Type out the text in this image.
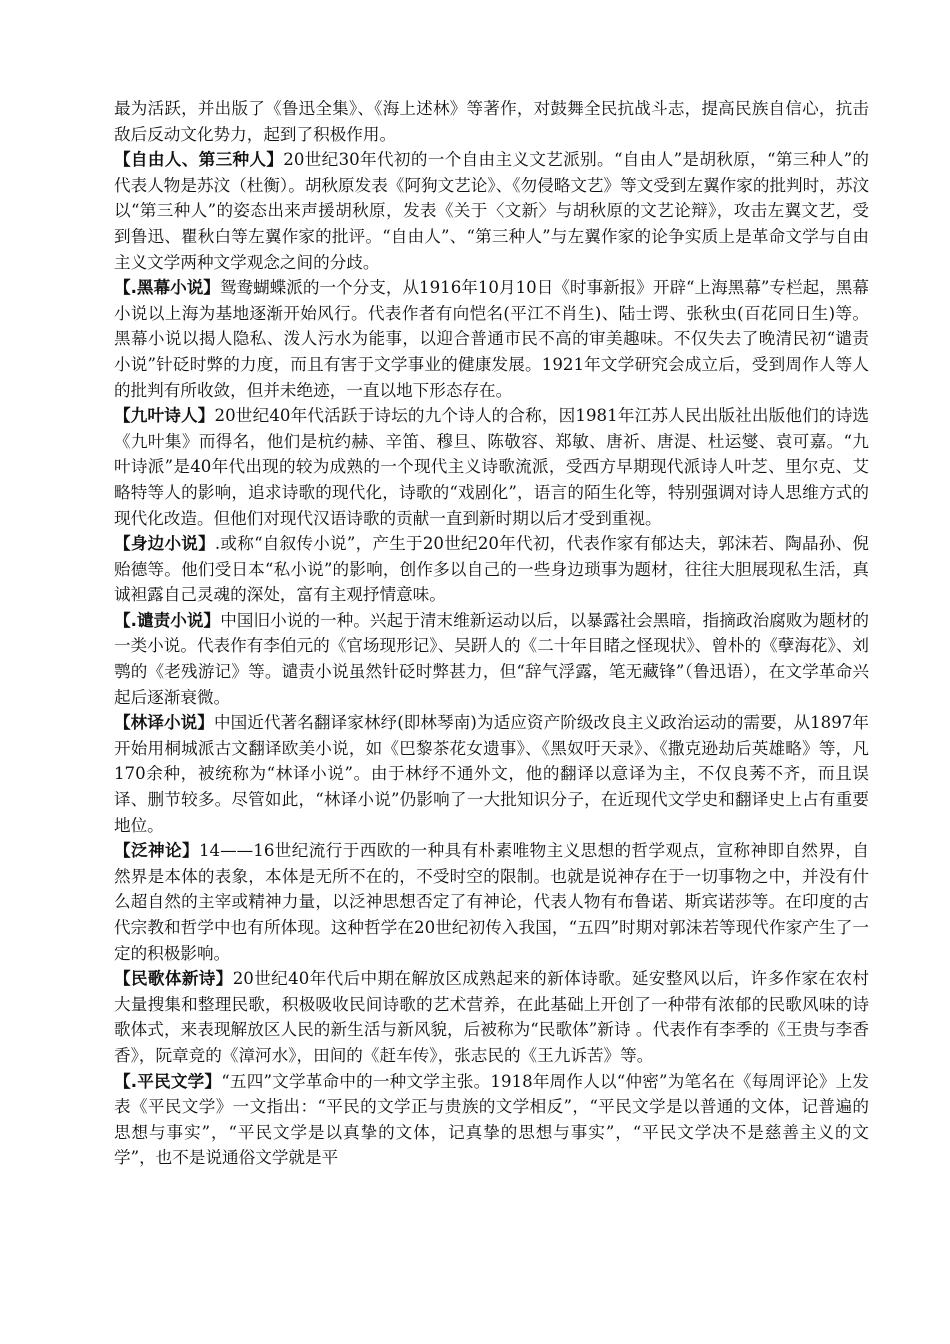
最为活跃，并出版了《鲁迅全集》、《海上述林》等著作，对鼓舞全民抗战斗志，提高民族自信心，抗击敌后反动文化势力，起到了积极作用。

【自由人、第三种人】20世纪30年代初的一个自由主义文艺派别。“自由人”是胡秋原，“第三种人”的代表人物是苏汶（杜衡）。胡秋原发表《阿狗文艺论》、《勿侵略文艺》等文受到左翼作家的批判时，苏汶以“第三种人”的姿态出来声援胡秋原，发表《关于〈文新〉与胡秋原的文艺论辩》，攻击左翼文艺，受到鲁迅、瞿秋白等左翼作家的批评。“自由人”、“第三种人”与左翼作家的论争实质上是革命文学与自由主义文学两种文学观念之间的分歧。

【.黑幕小说】鸳鸯蝴蝶派的一个分支，从1916年10月10日《时事新报》开辟“上海黑幕”专栏起，黑幕小说以上海为基地逐渐开始风行。代表作者有向恺名(平江不肖生)、陆士谔、张秋虫(百花同日生)等。黑幕小说以揭人隐私、泼人污水为能事，以迎合普通市民不高的审美趣味。不仅失去了晚清民初“谴责小说”针砭时弊的力度，而且有害于文学事业的健康发展。1921年文学研究会成立后，受到周作人等人的批判有所收敛，但并未绝迹，一直以地下形态存在。

【九叶诗人】20世纪40年代活跃于诗坛的九个诗人的合称，因1981年江苏人民出版社出版他们的诗选《九叶集》而得名，他们是杭约赫、辛笛、穆旦、陈敬容、郑敏、唐祈、唐湜、杜运燮、袁可嘉。“九叶诗派”是40年代出现的较为成熟的一个现代主义诗歌流派，受西方早期现代派诗人叶芝、里尔克、艾略特等人的影响，追求诗歌的现代化，诗歌的“戏剧化”，语言的陌生化等，特别强调对诗人思维方式的现代化改造。但他们对现代汉语诗歌的贡献一直到新时期以后才受到重视。

【身边小说】.或称“自叙传小说”，产生于20世纪20年代初，代表作家有郁达夫，郭沫若、陶晶孙、倪贻德等。他们受日本“私小说”的影响，创作多以自己的一些身边琐事为题材，往往大胆展现私生活，真诚袒露自己灵魂的深处，富有主观抒情意味。

【.谴责小说】中国旧小说的一种。兴起于清末维新运动以后，以暴露社会黑暗，指摘政治腐败为题材的一类小说。代表作有李伯元的《官场现形记》、吴趼人的《二十年目睹之怪现状》、曾朴的《孽海花》、刘鹗的《老残游记》等。谴责小说虽然针砭时弊甚力，但“辞气浮露，笔无藏锋”（鲁迅语），在文学革命兴起后逐渐衰微。

【林译小说】中国近代著名翻译家林纾(即林琴南)为适应资产阶级改良主义政治运动的需要，从1897年开始用桐城派古文翻译欧美小说，如《巴黎茶花女遗事》、《黑奴吁天录》、《撒克逊劫后英雄略》等，凡170余种，被统称为“林译小说”。由于林纾不通外文，他的翻译以意译为主，不仅良莠不齐，而且误译、删节较多。尽管如此，“林译小说”仍影响了一大批知识分子，在近现代文学史和翻译史上占有重要地位。

【泛神论】14——16世纪流行于西欧的一种具有朴素唯物主义思想的哲学观点，宣称神即自然界，自然界是本体的表象，本体是无所不在的，不受时空的限制。也就是说神存在于一切事物之中，并没有什么超自然的主宰或精神力量，以泛神思想否定了有神论，代表人物有布鲁诺、斯宾诺莎等。在印度的古代宗教和哲学中也有所体现。这种哲学在20世纪初传入我国，“五四”时期对郭沫若等现代作家产生了一定的积极影响。

【民歌体新诗】20世纪40年代后中期在解放区成熟起来的新体诗歌。延安整风以后，许多作家在农村大量搜集和整理民歌，积极吸收民间诗歌的艺术营养，在此基础上开创了一种带有浓郁的民歌风味的诗歌体式，来表现解放区人民的新生活与新风貌，后被称为“民歌体”新诗 。代表作有李季的《王贵与李香香》，阮章竞的《漳河水》，田间的《赶车传》，张志民的《王九诉苦》等。

【.平民文学】“五四”文学革命中的一种文学主张。1918年周作人以“仲密”为笔名在《每周评论》上发表《平民文学》一文指出：“平民的文学正与贵族的文学相反”，“平民文学是以普通的文体，记普遍的思想与事实”，“平民文学是以真挚的文体，记真挚的思想与事实”，“平民文学决不是慈善主义的文学”，也不是说通俗文学就是平
